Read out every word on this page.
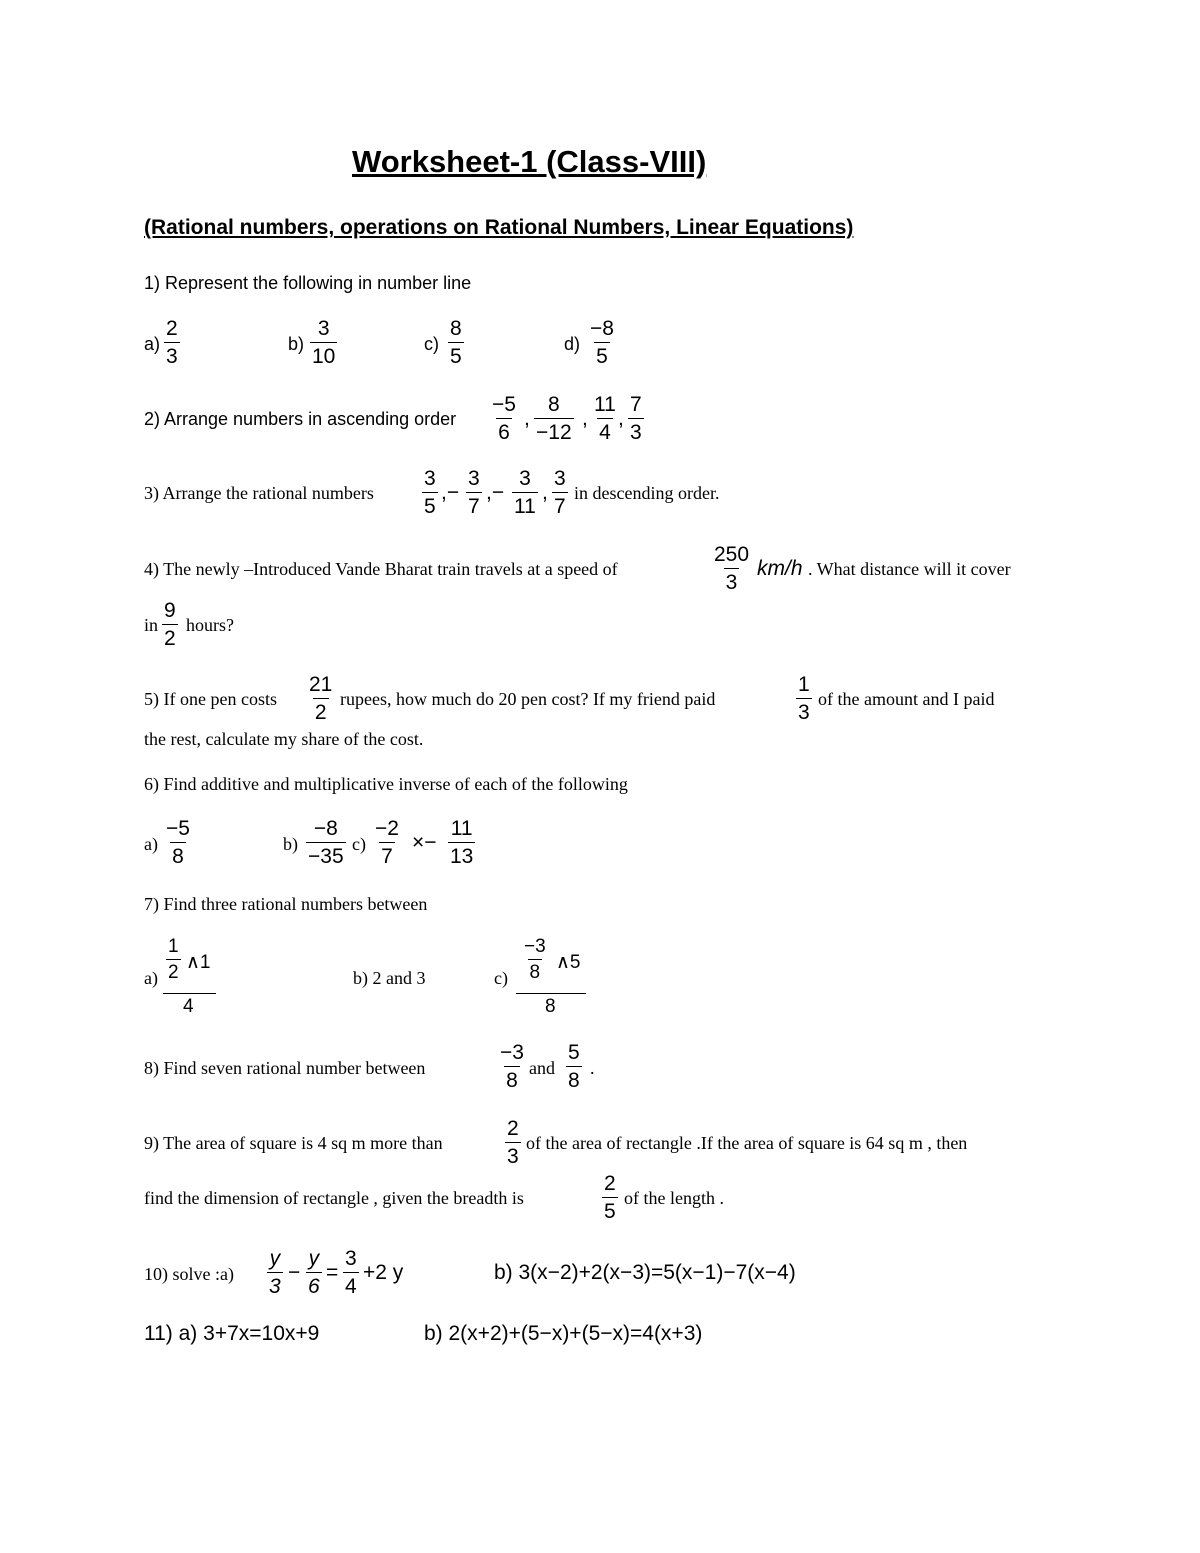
Worksheet-1 (Class-VIII)
(Rational numbers, operations on Rational Numbers, Linear Equations)
1) Represent the following in number line
$a) \frac{2}{3}$	$b) \frac{3}{10}$	$c) \frac{8}{5}$	$d) \frac{-8}{5}$
2) Arrange numbers in ascending order $\frac{-5}{6}$ , $\frac{8}{-12}$ , $\frac{11}{4}$ , $\frac{7}{3}$
3) Arrange the rational numbers $\frac{3}{5}$ ,− $\frac{3}{7}$ ,− $\frac{3}{11}$ , $\frac{3}{7}$ in descending order.
4) The newly –Introduced Vande Bharat train travels at a speed of	$\frac{250}{3} km/h$ . What distance will it cover
in $\frac{9}{2}$ hours?
5) If one pen costs $\frac{21}{2}$ rupees, how much do 20 pen cost? If my friend paid	$\frac{1}{3}$ of the amount and I paid
the rest, calculate my share of the cost.
6) Find additive and multiplicative inverse of each of the following
$a) \frac{-5}{8}$	$b) \frac{-8}{-35} c) \frac{-2}{7} \times- \frac{11}{13}$
7) Find three rational numbers between
$a) \frac{1}{2}$ ∧1
4
b) 2 and 3	$c) \frac{-3}{8}$ ∧5
8
8) Find seven rational number between	$\frac{-3}{8}$ and $\frac{5}{8}$ .
9) The area of square is 4 sq m more than	$\frac{2}{3}$ of the area of rectangle .If the area of square is 64 sq m , then
find the dimension of rectangle , given the breadth is	$\frac{2}{5}$ of the length .
10) solve :a) $\frac{y}{3} - \frac{y}{6} = \frac{3}{4} +2$ y	b) 3(x−2)+2(x−3)=5(x−1)−7(x−4)
11) a) 3+7x=10x+9	b) 2(x+2)+(5−x)+(5−x)=4(x+3)
